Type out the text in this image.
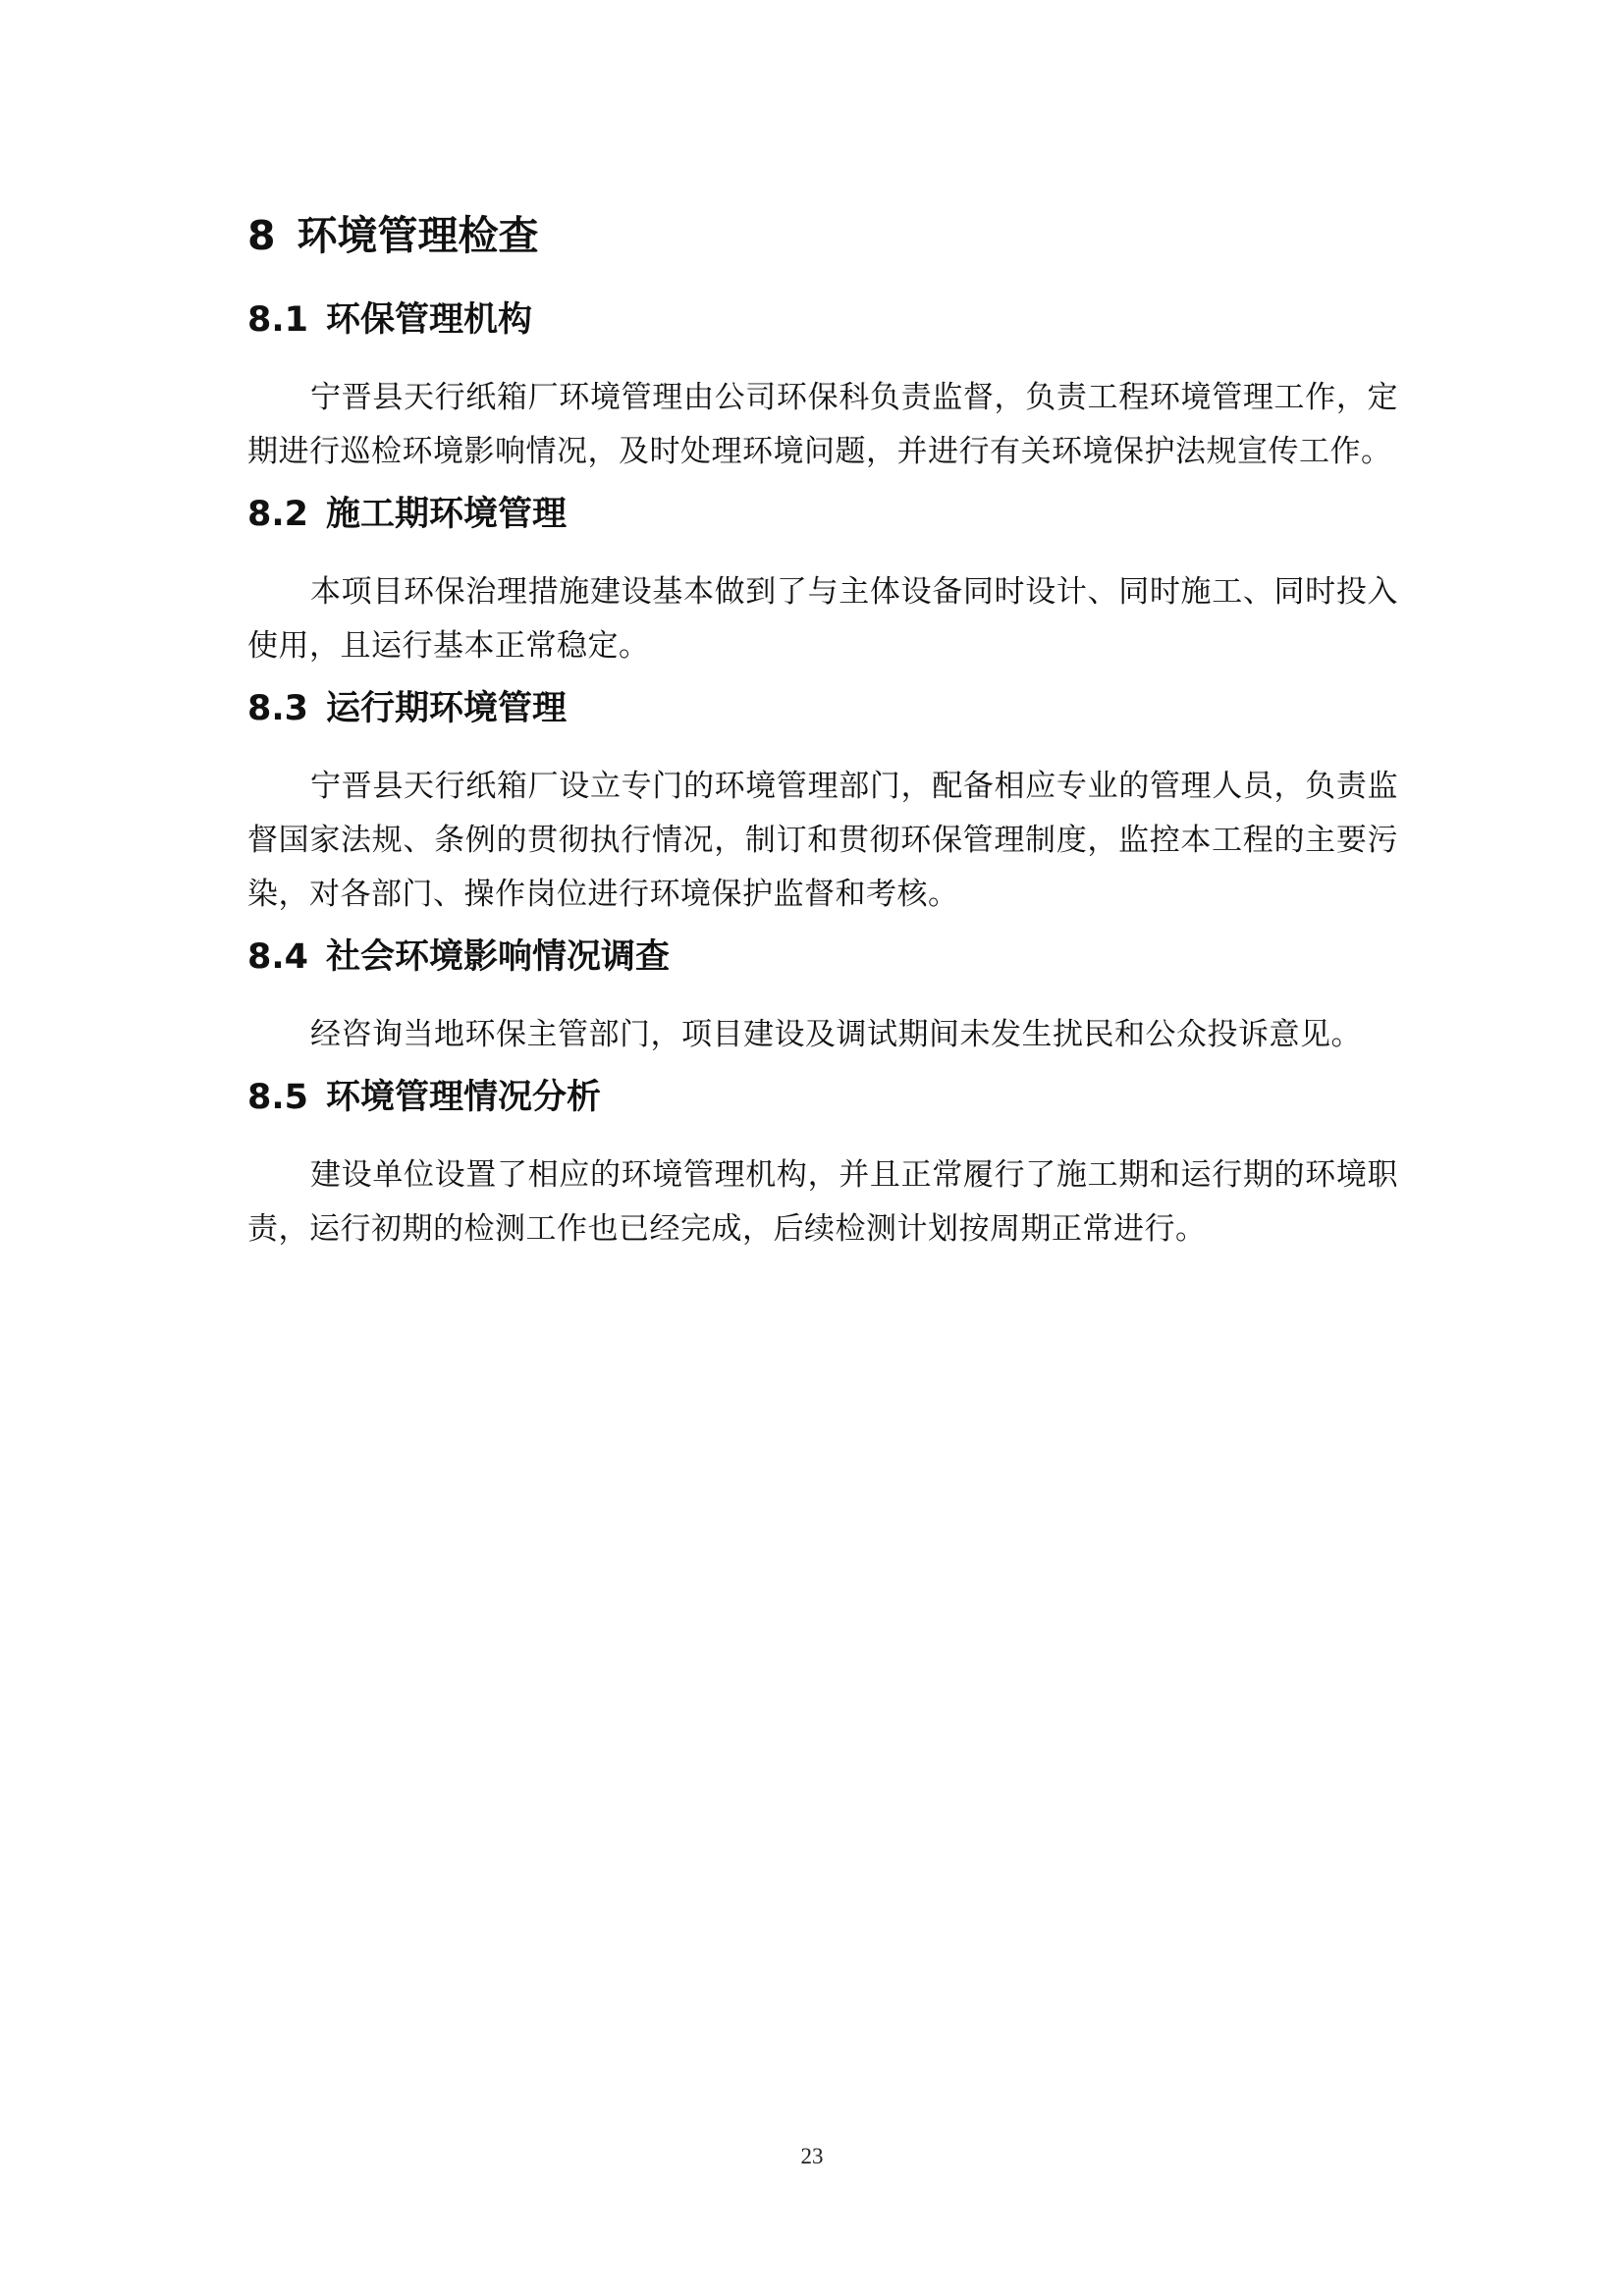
8 环境管理检查
8.1 环保管理机构

宁晋县天行纸箱厂环境管理由公司环保科负责监督，负责工程环境管理工作，定期进行巡检环境影响情况，及时处理环境问题，并进行有关环境保护法规宣传工作。

8.2 施工期环境管理

本项目环保治理措施建设基本做到了与主体设备同时设计、同时施工、同时投入使用，且运行基本正常稳定。

8.3 运行期环境管理

宁晋县天行纸箱厂设立专门的环境管理部门，配备相应专业的管理人员，负责监督国家法规、条例的贯彻执行情况，制订和贯彻环保管理制度，监控本工程的主要污染，对各部门、操作岗位进行环境保护监督和考核。

8.4 社会环境影响情况调查

经咨询当地环保主管部门，项目建设及调试期间未发生扰民和公众投诉意见。

8.5 环境管理情况分析

建设单位设置了相应的环境管理机构，并且正常履行了施工期和运行期的环境职责，运行初期的检测工作也已经完成，后续检测计划按周期正常进行。

23
